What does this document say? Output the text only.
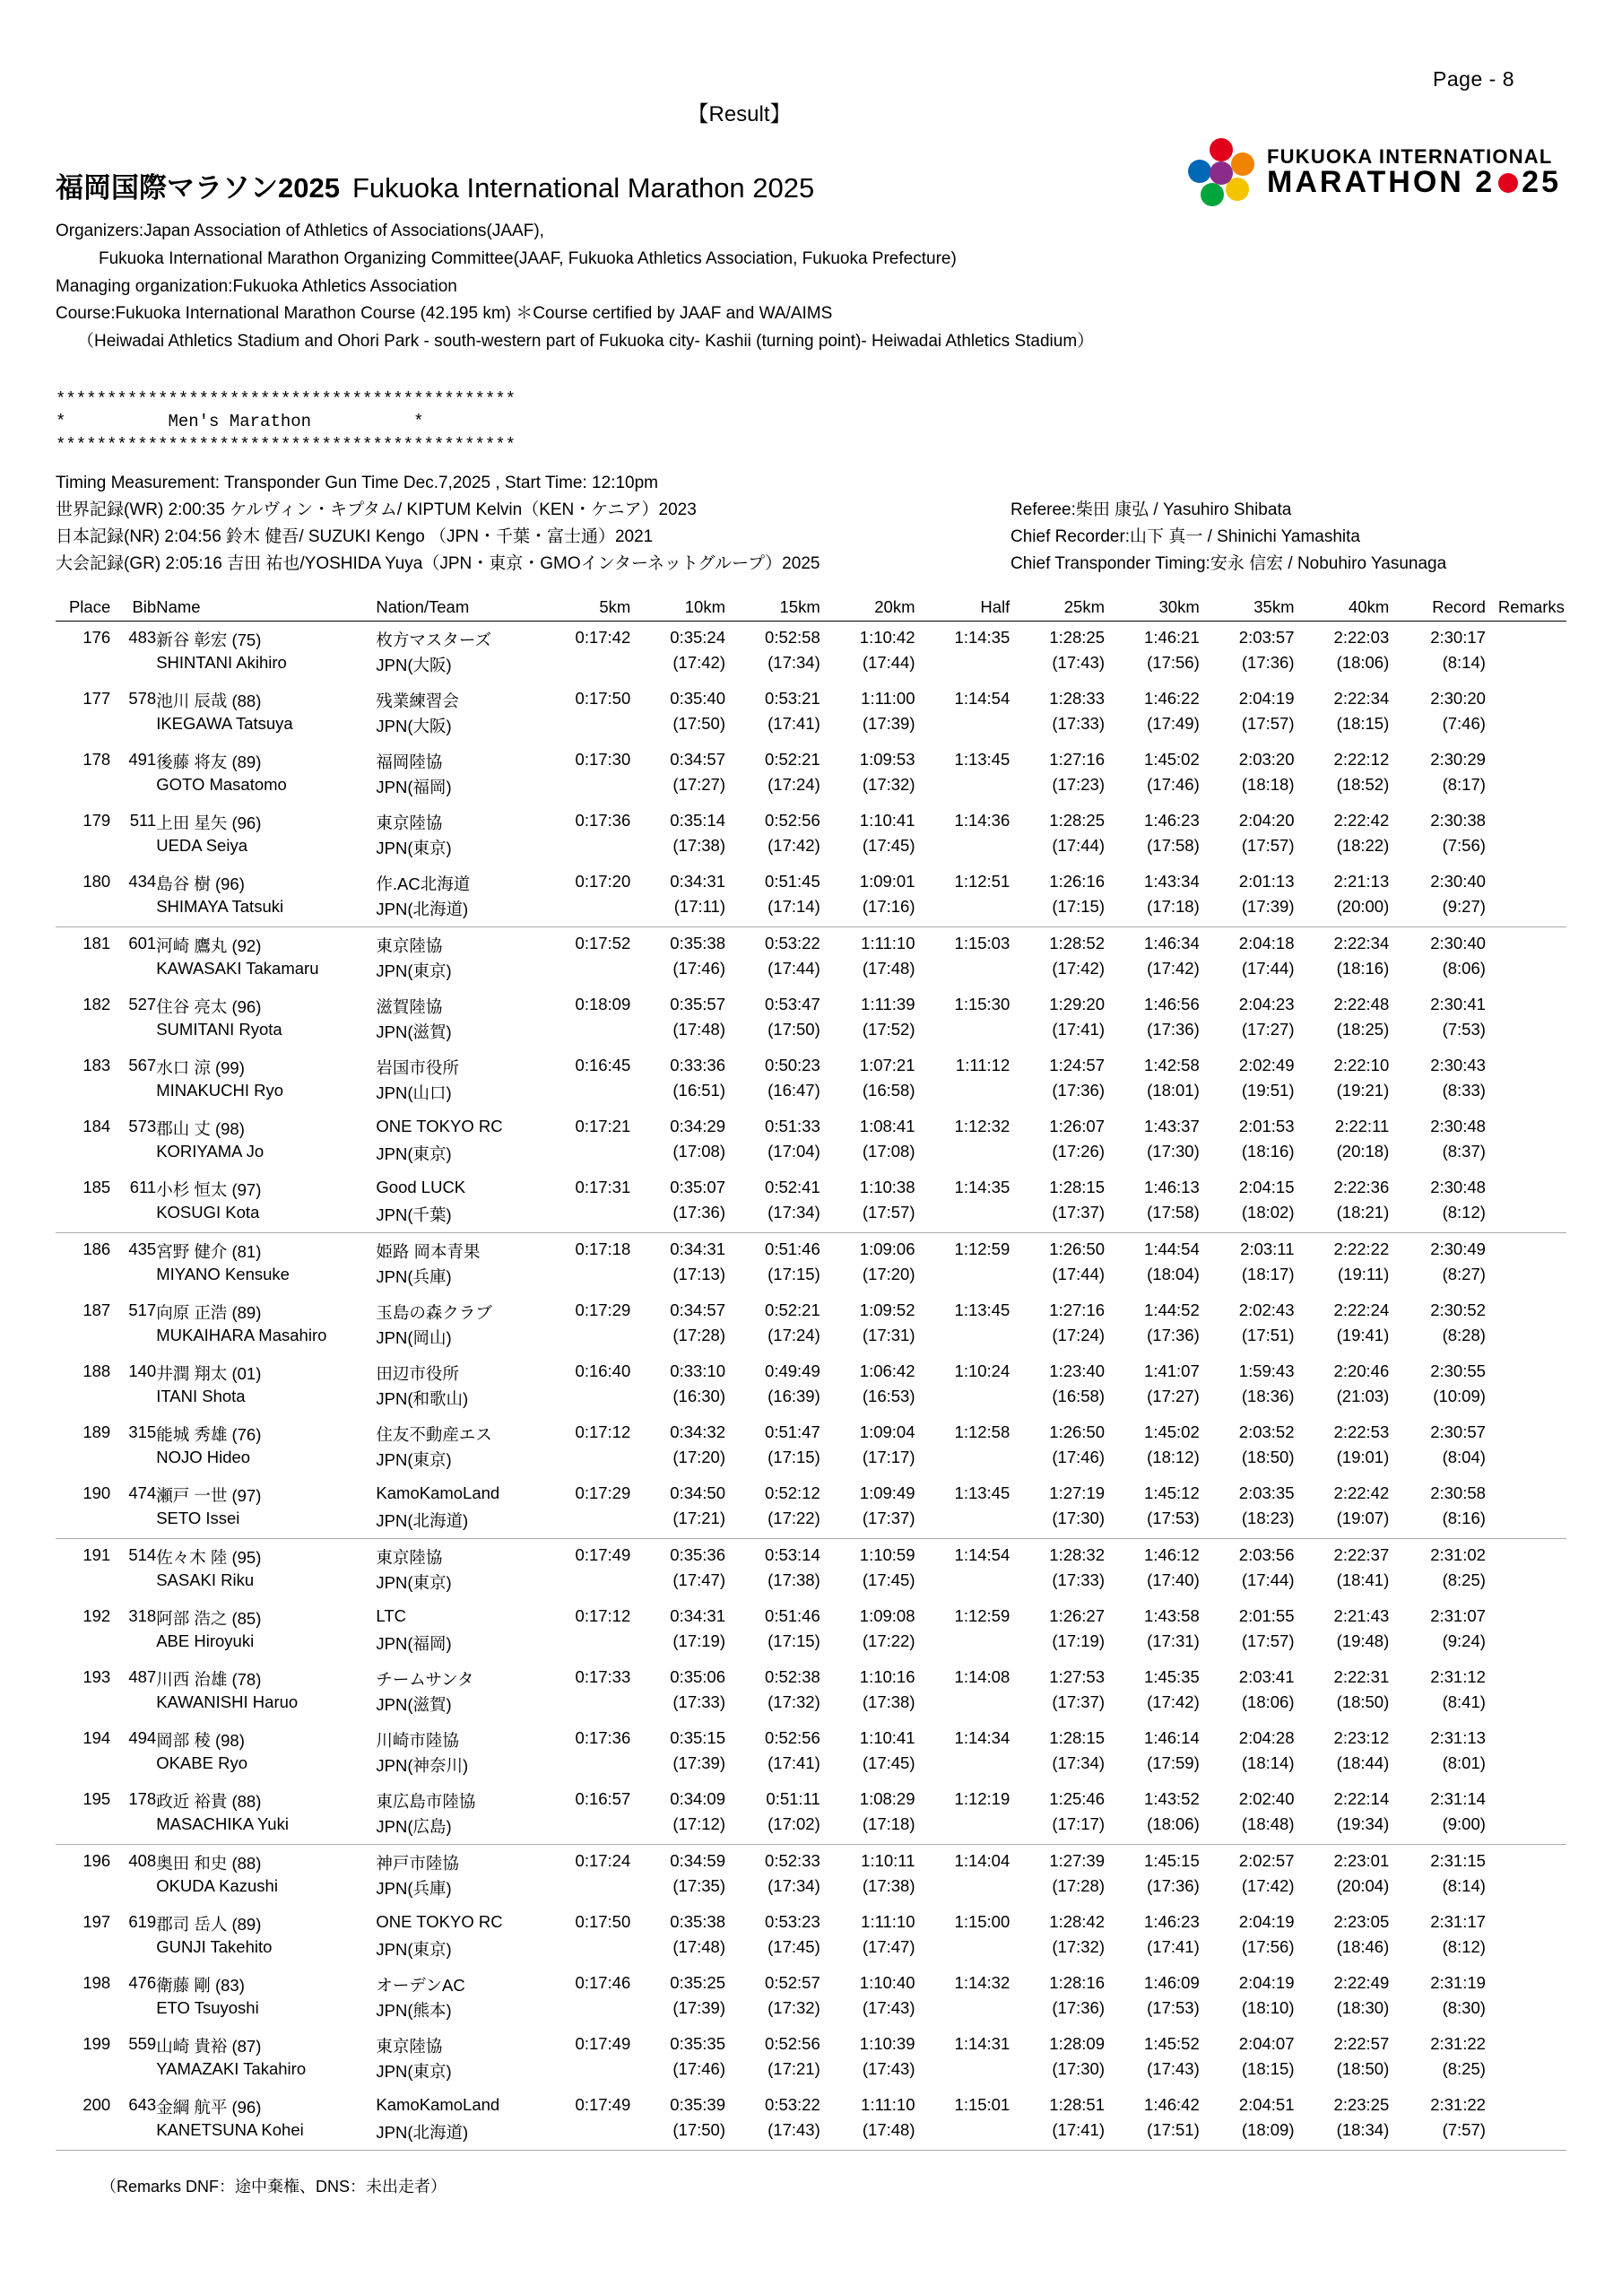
Page - 8
【Result】
福岡国際マラソン2025 Fukuoka International Marathon 2025
FUKUOKA INTERNATIONAL
MARATHON 2 25
Organizers:Japan Association of Athletics of Associations(JAAF),
Fukuoka International Marathon Organizing Committee(JAAF, Fukuoka Athletics Association, Fukuoka Prefecture)
Managing organization:Fukuoka Athletics Association
Course:Fukuoka International Marathon Course (42.195 km) ＊Course certified by JAAF and WA/AIMS
（Heiwadai Athletics Stadium and Ohori Park - south-western part of Fukuoka city- Kashii (turning point)- Heiwadai Athletics Stadium）
*********************************************
*	Men's Marathon	*
*********************************************
Timing Measurement: Transponder Gun Time Dec.7,2025 , Start Time: 12:10pm
世界記録(WR) 2:00:35 ケルヴィン・キプタム/ KIPTUM Kelvin（KEN・ケニア）2023	Referee:柴田 康弘 / Yasuhiro Shibata
日本記録(NR) 2:04:56 鈴木 健吾/ SUZUKI Kengo （JPN・千葉・富士通）2021	Chief Recorder:山下 真一 / Shinichi Yamashita
大会記録(GR) 2:05:16 吉田 祐也/YOSHIDA Yuya（JPN・東京・GMOインターネットグループ）2025	Chief Transponder Timing:安永 信宏 / Nobuhiro Yasunaga
Place	Bib	Name	Nation/Team	5km	10km	15km	20km	Half	25km	30km	35km	40km	Record	Remarks
176	483	新谷 彰宏 (75)	枚方マスターズ	0:17:42	0:35:24	0:52:58	1:10:42	1:14:35	1:28:25	1:46:21	2:03:57	2:22:03	2:30:17	
		SHINTANI Akihiro	JPN(大阪)		(17:42)	(17:34)	(17:44)		(17:43)	(17:56)	(17:36)	(18:06)	(8:14)	
177	578	池川 辰哉 (88)	残業練習会	0:17:50	0:35:40	0:53:21	1:11:00	1:14:54	1:28:33	1:46:22	2:04:19	2:22:34	2:30:20	
		IKEGAWA Tatsuya	JPN(大阪)		(17:50)	(17:41)	(17:39)		(17:33)	(17:49)	(17:57)	(18:15)	(7:46)	
178	491	後藤 将友 (89)	福岡陸協	0:17:30	0:34:57	0:52:21	1:09:53	1:13:45	1:27:16	1:45:02	2:03:20	2:22:12	2:30:29	
		GOTO Masatomo	JPN(福岡)		(17:27)	(17:24)	(17:32)		(17:23)	(17:46)	(18:18)	(18:52)	(8:17)	
179	511	上田 星矢 (96)	東京陸協	0:17:36	0:35:14	0:52:56	1:10:41	1:14:36	1:28:25	1:46:23	2:04:20	2:22:42	2:30:38	
		UEDA Seiya	JPN(東京)		(17:38)	(17:42)	(17:45)		(17:44)	(17:58)	(17:57)	(18:22)	(7:56)	
180	434	島谷 樹 (96)	作.AC北海道	0:17:20	0:34:31	0:51:45	1:09:01	1:12:51	1:26:16	1:43:34	2:01:13	2:21:13	2:30:40	
		SHIMAYA Tatsuki	JPN(北海道)		(17:11)	(17:14)	(17:16)		(17:15)	(17:18)	(17:39)	(20:00)	(9:27)	

181	601	河崎 鷹丸 (92)	東京陸協	0:17:52	0:35:38	0:53:22	1:11:10	1:15:03	1:28:52	1:46:34	2:04:18	2:22:34	2:30:40	
		KAWASAKI Takamaru	JPN(東京)		(17:46)	(17:44)	(17:48)		(17:42)	(17:42)	(17:44)	(18:16)	(8:06)	
182	527	住谷 亮太 (96)	滋賀陸協	0:18:09	0:35:57	0:53:47	1:11:39	1:15:30	1:29:20	1:46:56	2:04:23	2:22:48	2:30:41	
		SUMITANI Ryota	JPN(滋賀)		(17:48)	(17:50)	(17:52)		(17:41)	(17:36)	(17:27)	(18:25)	(7:53)	
183	567	水口 涼 (99)	岩国市役所	0:16:45	0:33:36	0:50:23	1:07:21	1:11:12	1:24:57	1:42:58	2:02:49	2:22:10	2:30:43	
		MINAKUCHI Ryo	JPN(山口)		(16:51)	(16:47)	(16:58)		(17:36)	(18:01)	(19:51)	(19:21)	(8:33)	
184	573	郡山 丈 (98)	ONE TOKYO RC	0:17:21	0:34:29	0:51:33	1:08:41	1:12:32	1:26:07	1:43:37	2:01:53	2:22:11	2:30:48	
		KORIYAMA Jo	JPN(東京)		(17:08)	(17:04)	(17:08)		(17:26)	(17:30)	(18:16)	(20:18)	(8:37)	
185	611	小杉 恒太 (97)	Good LUCK	0:17:31	0:35:07	0:52:41	1:10:38	1:14:35	1:28:15	1:46:13	2:04:15	2:22:36	2:30:48	
		KOSUGI Kota	JPN(千葉)		(17:36)	(17:34)	(17:57)		(17:37)	(17:58)	(18:02)	(18:21)	(8:12)	

186	435	宮野 健介 (81)	姫路 岡本青果	0:17:18	0:34:31	0:51:46	1:09:06	1:12:59	1:26:50	1:44:54	2:03:11	2:22:22	2:30:49	
		MIYANO Kensuke	JPN(兵庫)		(17:13)	(17:15)	(17:20)		(17:44)	(18:04)	(18:17)	(19:11)	(8:27)	
187	517	向原 正浩 (89)	玉島の森クラブ	0:17:29	0:34:57	0:52:21	1:09:52	1:13:45	1:27:16	1:44:52	2:02:43	2:22:24	2:30:52	
		MUKAIHARA Masahiro	JPN(岡山)		(17:28)	(17:24)	(17:31)		(17:24)	(17:36)	(17:51)	(19:41)	(8:28)	
188	140	井潤 翔太 (01)	田辺市役所	0:16:40	0:33:10	0:49:49	1:06:42	1:10:24	1:23:40	1:41:07	1:59:43	2:20:46	2:30:55	
		ITANI Shota	JPN(和歌山)		(16:30)	(16:39)	(16:53)		(16:58)	(17:27)	(18:36)	(21:03)	(10:09)	
189	315	能城 秀雄 (76)	住友不動産エス	0:17:12	0:34:32	0:51:47	1:09:04	1:12:58	1:26:50	1:45:02	2:03:52	2:22:53	2:30:57	
		NOJO Hideo	JPN(東京)		(17:20)	(17:15)	(17:17)		(17:46)	(18:12)	(18:50)	(19:01)	(8:04)	
190	474	瀬戸 一世 (97)	KamoKamoLand	0:17:29	0:34:50	0:52:12	1:09:49	1:13:45	1:27:19	1:45:12	2:03:35	2:22:42	2:30:58	
		SETO Issei	JPN(北海道)		(17:21)	(17:22)	(17:37)		(17:30)	(17:53)	(18:23)	(19:07)	(8:16)	

191	514	佐々木 陸 (95)	東京陸協	0:17:49	0:35:36	0:53:14	1:10:59	1:14:54	1:28:32	1:46:12	2:03:56	2:22:37	2:31:02	
		SASAKI Riku	JPN(東京)		(17:47)	(17:38)	(17:45)		(17:33)	(17:40)	(17:44)	(18:41)	(8:25)	
192	318	阿部 浩之 (85)	LTC	0:17:12	0:34:31	0:51:46	1:09:08	1:12:59	1:26:27	1:43:58	2:01:55	2:21:43	2:31:07	
		ABE Hiroyuki	JPN(福岡)		(17:19)	(17:15)	(17:22)		(17:19)	(17:31)	(17:57)	(19:48)	(9:24)	
193	487	川西 治雄 (78)	チームサンタ	0:17:33	0:35:06	0:52:38	1:10:16	1:14:08	1:27:53	1:45:35	2:03:41	2:22:31	2:31:12	
		KAWANISHI Haruo	JPN(滋賀)		(17:33)	(17:32)	(17:38)		(17:37)	(17:42)	(18:06)	(18:50)	(8:41)	
194	494	岡部 稜 (98)	川崎市陸協	0:17:36	0:35:15	0:52:56	1:10:41	1:14:34	1:28:15	1:46:14	2:04:28	2:23:12	2:31:13	
		OKABE Ryo	JPN(神奈川)		(17:39)	(17:41)	(17:45)		(17:34)	(17:59)	(18:14)	(18:44)	(8:01)	
195	178	政近 裕貴 (88)	東広島市陸協	0:16:57	0:34:09	0:51:11	1:08:29	1:12:19	1:25:46	1:43:52	2:02:40	2:22:14	2:31:14	
		MASACHIKA Yuki	JPN(広島)		(17:12)	(17:02)	(17:18)		(17:17)	(18:06)	(18:48)	(19:34)	(9:00)	

196	408	奥田 和史 (88)	神戸市陸協	0:17:24	0:34:59	0:52:33	1:10:11	1:14:04	1:27:39	1:45:15	2:02:57	2:23:01	2:31:15	
		OKUDA Kazushi	JPN(兵庫)		(17:35)	(17:34)	(17:38)		(17:28)	(17:36)	(17:42)	(20:04)	(8:14)	
197	619	郡司 岳人 (89)	ONE TOKYO RC	0:17:50	0:35:38	0:53:23	1:11:10	1:15:00	1:28:42	1:46:23	2:04:19	2:23:05	2:31:17	
		GUNJI Takehito	JPN(東京)		(17:48)	(17:45)	(17:47)		(17:32)	(17:41)	(17:56)	(18:46)	(8:12)	
198	476	衛藤 剛 (83)	オーデンAC	0:17:46	0:35:25	0:52:57	1:10:40	1:14:32	1:28:16	1:46:09	2:04:19	2:22:49	2:31:19	
		ETO Tsuyoshi	JPN(熊本)		(17:39)	(17:32)	(17:43)		(17:36)	(17:53)	(18:10)	(18:30)	(8:30)	
199	559	山崎 貴裕 (87)	東京陸協	0:17:49	0:35:35	0:52:56	1:10:39	1:14:31	1:28:09	1:45:52	2:04:07	2:22:57	2:31:22	
		YAMAZAKI Takahiro	JPN(東京)		(17:46)	(17:21)	(17:43)		(17:30)	(17:43)	(18:15)	(18:50)	(8:25)	
200	643	金綱 航平 (96)	KamoKamoLand	0:17:49	0:35:39	0:53:22	1:11:10	1:15:01	1:28:51	1:46:42	2:04:51	2:23:25	2:31:22	
		KANETSUNA Kohei	JPN(北海道)		(17:50)	(17:43)	(17:48)		(17:41)	(17:51)	(18:09)	(18:34)	(7:57)	

（Remarks DNF：途中棄権、DNS：未出走者）
